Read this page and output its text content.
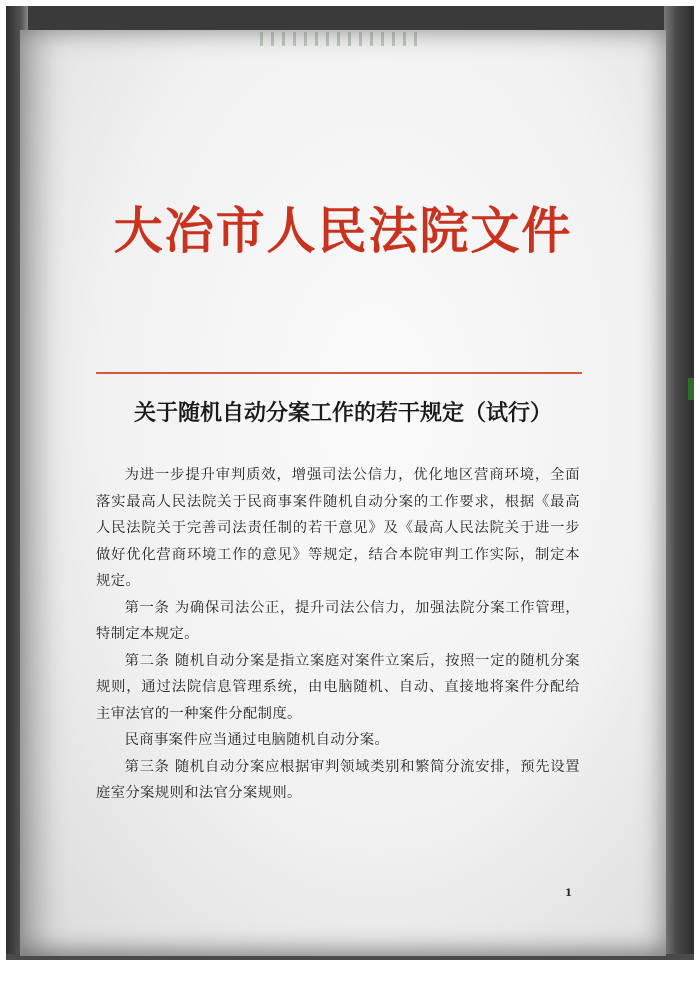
大冶市人民法院文件
关于随机自动分案工作的若干规定（试行）

为进一步提升审判质效，增强司法公信力，优化地区营商环境，全面落实最高人民法院关于民商事案件随机自动分案的工作要求，根据《最高人民法院关于完善司法责任制的若干意见》及《最高人民法院关于进一步做好优化营商环境工作的意见》等规定，结合本院审判工作实际，制定本规定。

第一条 为确保司法公正，提升司法公信力，加强法院分案工作管理，特制定本规定。

第二条 随机自动分案是指立案庭对案件立案后，按照一定的随机分案规则，通过法院信息管理系统，由电脑随机、自动、直接地将案件分配给主审法官的一种案件分配制度。

民商事案件应当通过电脑随机自动分案。

第三条 随机自动分案应根据审判领域类别和繁简分流安排，预先设置庭室分案规则和法官分案规则。

1
